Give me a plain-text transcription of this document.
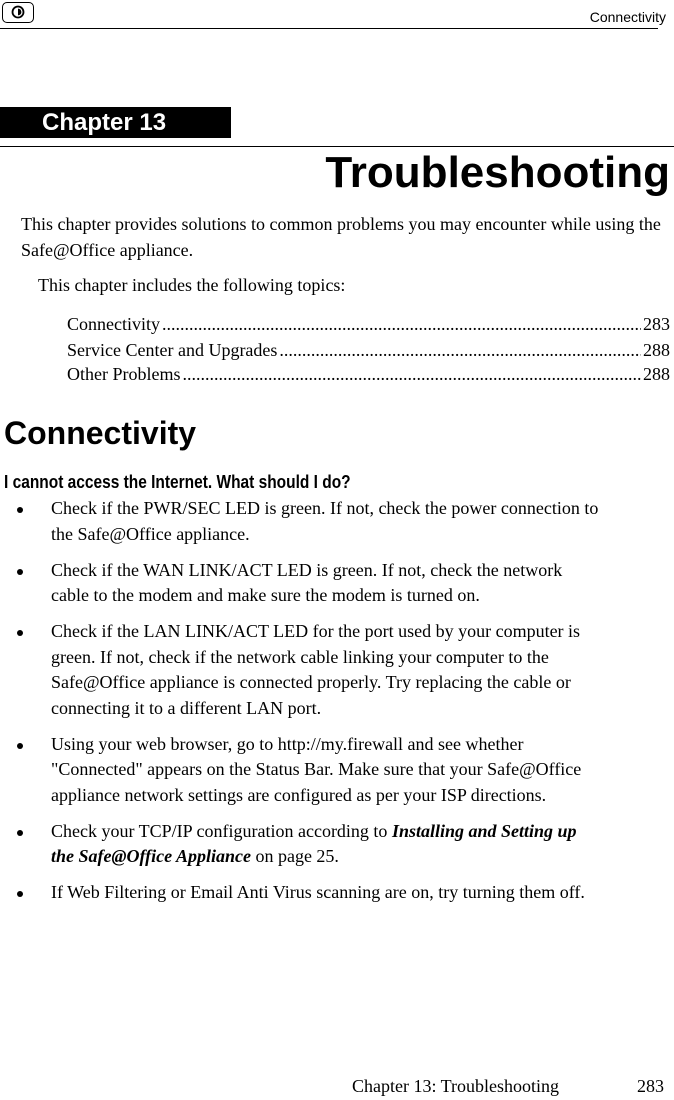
Connectivity
Chapter 13
Troubleshooting
This chapter provides solutions to common problems you may encounter while using the Safe@Office appliance.
This chapter includes the following topics:
Connectivity .....	283
Service Center and Upgrades .....	288
Other Problems .....	288
Connectivity
I cannot access the Internet. What should I do?
Check if the PWR/SEC LED is green. If not, check the power connection to the Safe@Office appliance.
Check if the WAN LINK/ACT LED is green. If not, check the network cable to the modem and make sure the modem is turned on.
Check if the LAN LINK/ACT LED for the port used by your computer is green. If not, check if the network cable linking your computer to the Safe@Office appliance is connected properly. Try replacing the cable or connecting it to a different LAN port.
Using your web browser, go to http://my.firewall and see whether "Connected" appears on the Status Bar. Make sure that your Safe@Office appliance network settings are configured as per your ISP directions.
Check your TCP/IP configuration according to Installing and Setting up the Safe@Office Appliance on page 25.
If Web Filtering or Email Anti Virus scanning are on, try turning them off.
Chapter 13: Troubleshooting	283
